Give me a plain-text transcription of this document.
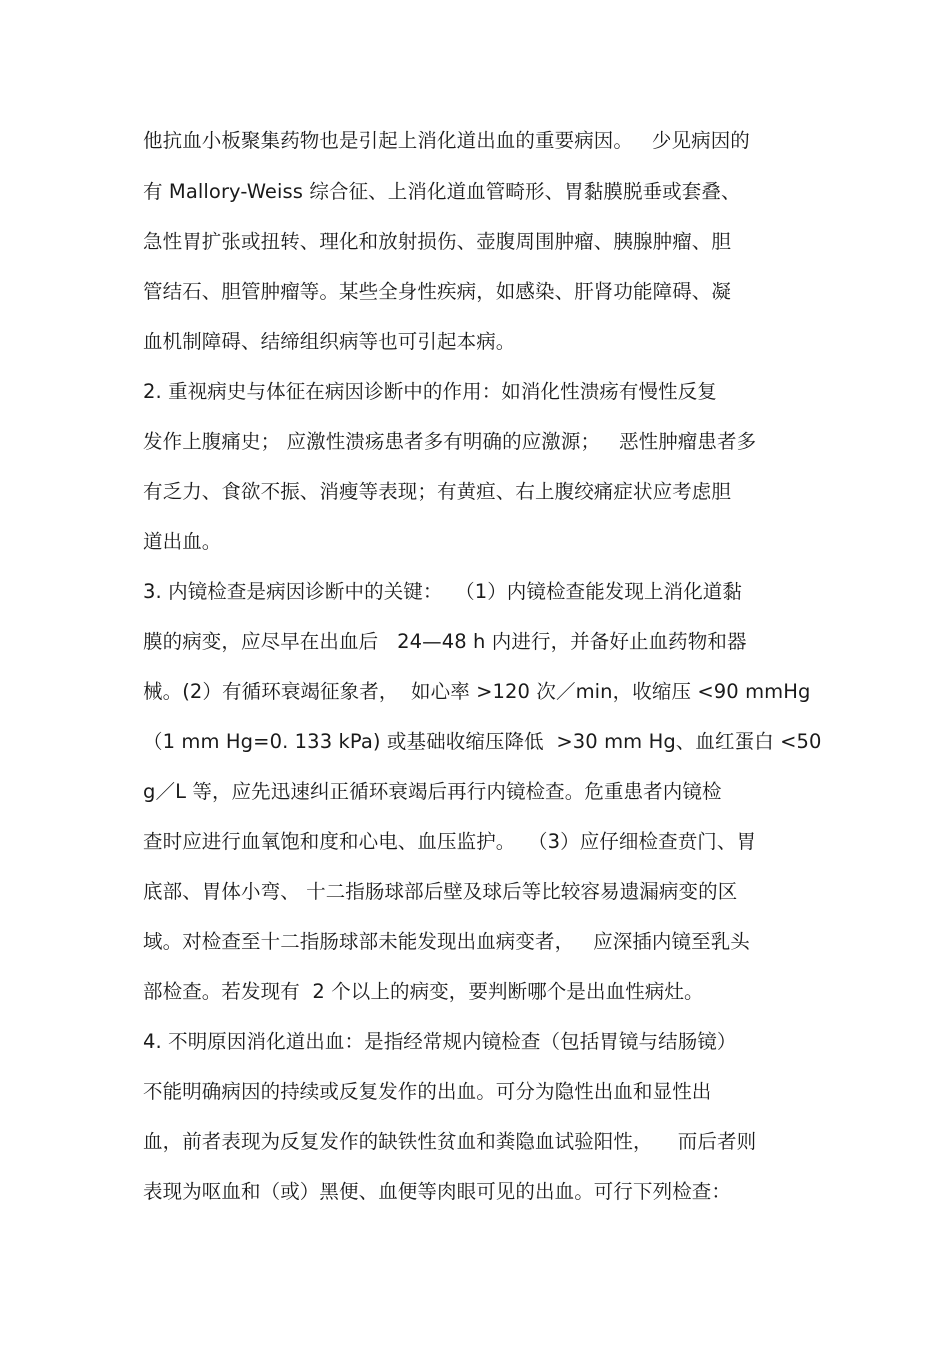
他抗血小板聚集药物也是引起上消化道出血的重要病因。   少见病因的
有 Mallory-Weiss 综合征、上消化道血管畸形、胃黏膜脱垂或套叠、
急性胃扩张或扭转、理化和放射损伤、壶腹周围肿瘤、胰腺肿瘤、胆
管结石、胆管肿瘤等。某些全身性疾病，如感染、肝肾功能障碍、凝
血机制障碍、结缔组织病等也可引起本病。
2. 重视病史与体征在病因诊断中的作用：如消化性溃疡有慢性反复
发作上腹痛史； 应激性溃疡患者多有明确的应激源；   恶性肿瘤患者多
有乏力、食欲不振、消瘦等表现；有黄疸、右上腹绞痛症状应考虑胆
道出血。
3. 内镜检查是病因诊断中的关键：  （1）内镜检查能发现上消化道黏
膜的病变，应尽早在出血后   24—48 h 内进行，并备好止血药物和器
械。(2）有循环衰竭征象者，  如心率 >120 次／min，收缩压 <90 mmHg
（1 mm Hg=0. 133 kPa) 或基础收缩压降低  >30 mm Hg、血红蛋白 <50
g／L 等，应先迅速纠正循环衰竭后再行内镜检查。危重患者内镜检
查时应进行血氧饱和度和心电、血压监护。  （3）应仔细检查贲门、胃
底部、胃体小弯、 十二指肠球部后壁及球后等比较容易遗漏病变的区
域。对检查至十二指肠球部未能发现出血病变者，   应深插内镜至乳头
部检查。若发现有  2 个以上的病变，要判断哪个是出血性病灶。
4. 不明原因消化道出血：是指经常规内镜检查（包括胃镜与结肠镜）
不能明确病因的持续或反复发作的出血。可分为隐性出血和显性出
血，前者表现为反复发作的缺铁性贫血和粪隐血试验阳性，    而后者则
表现为呕血和（或）黑便、血便等肉眼可见的出血。可行下列检查：
